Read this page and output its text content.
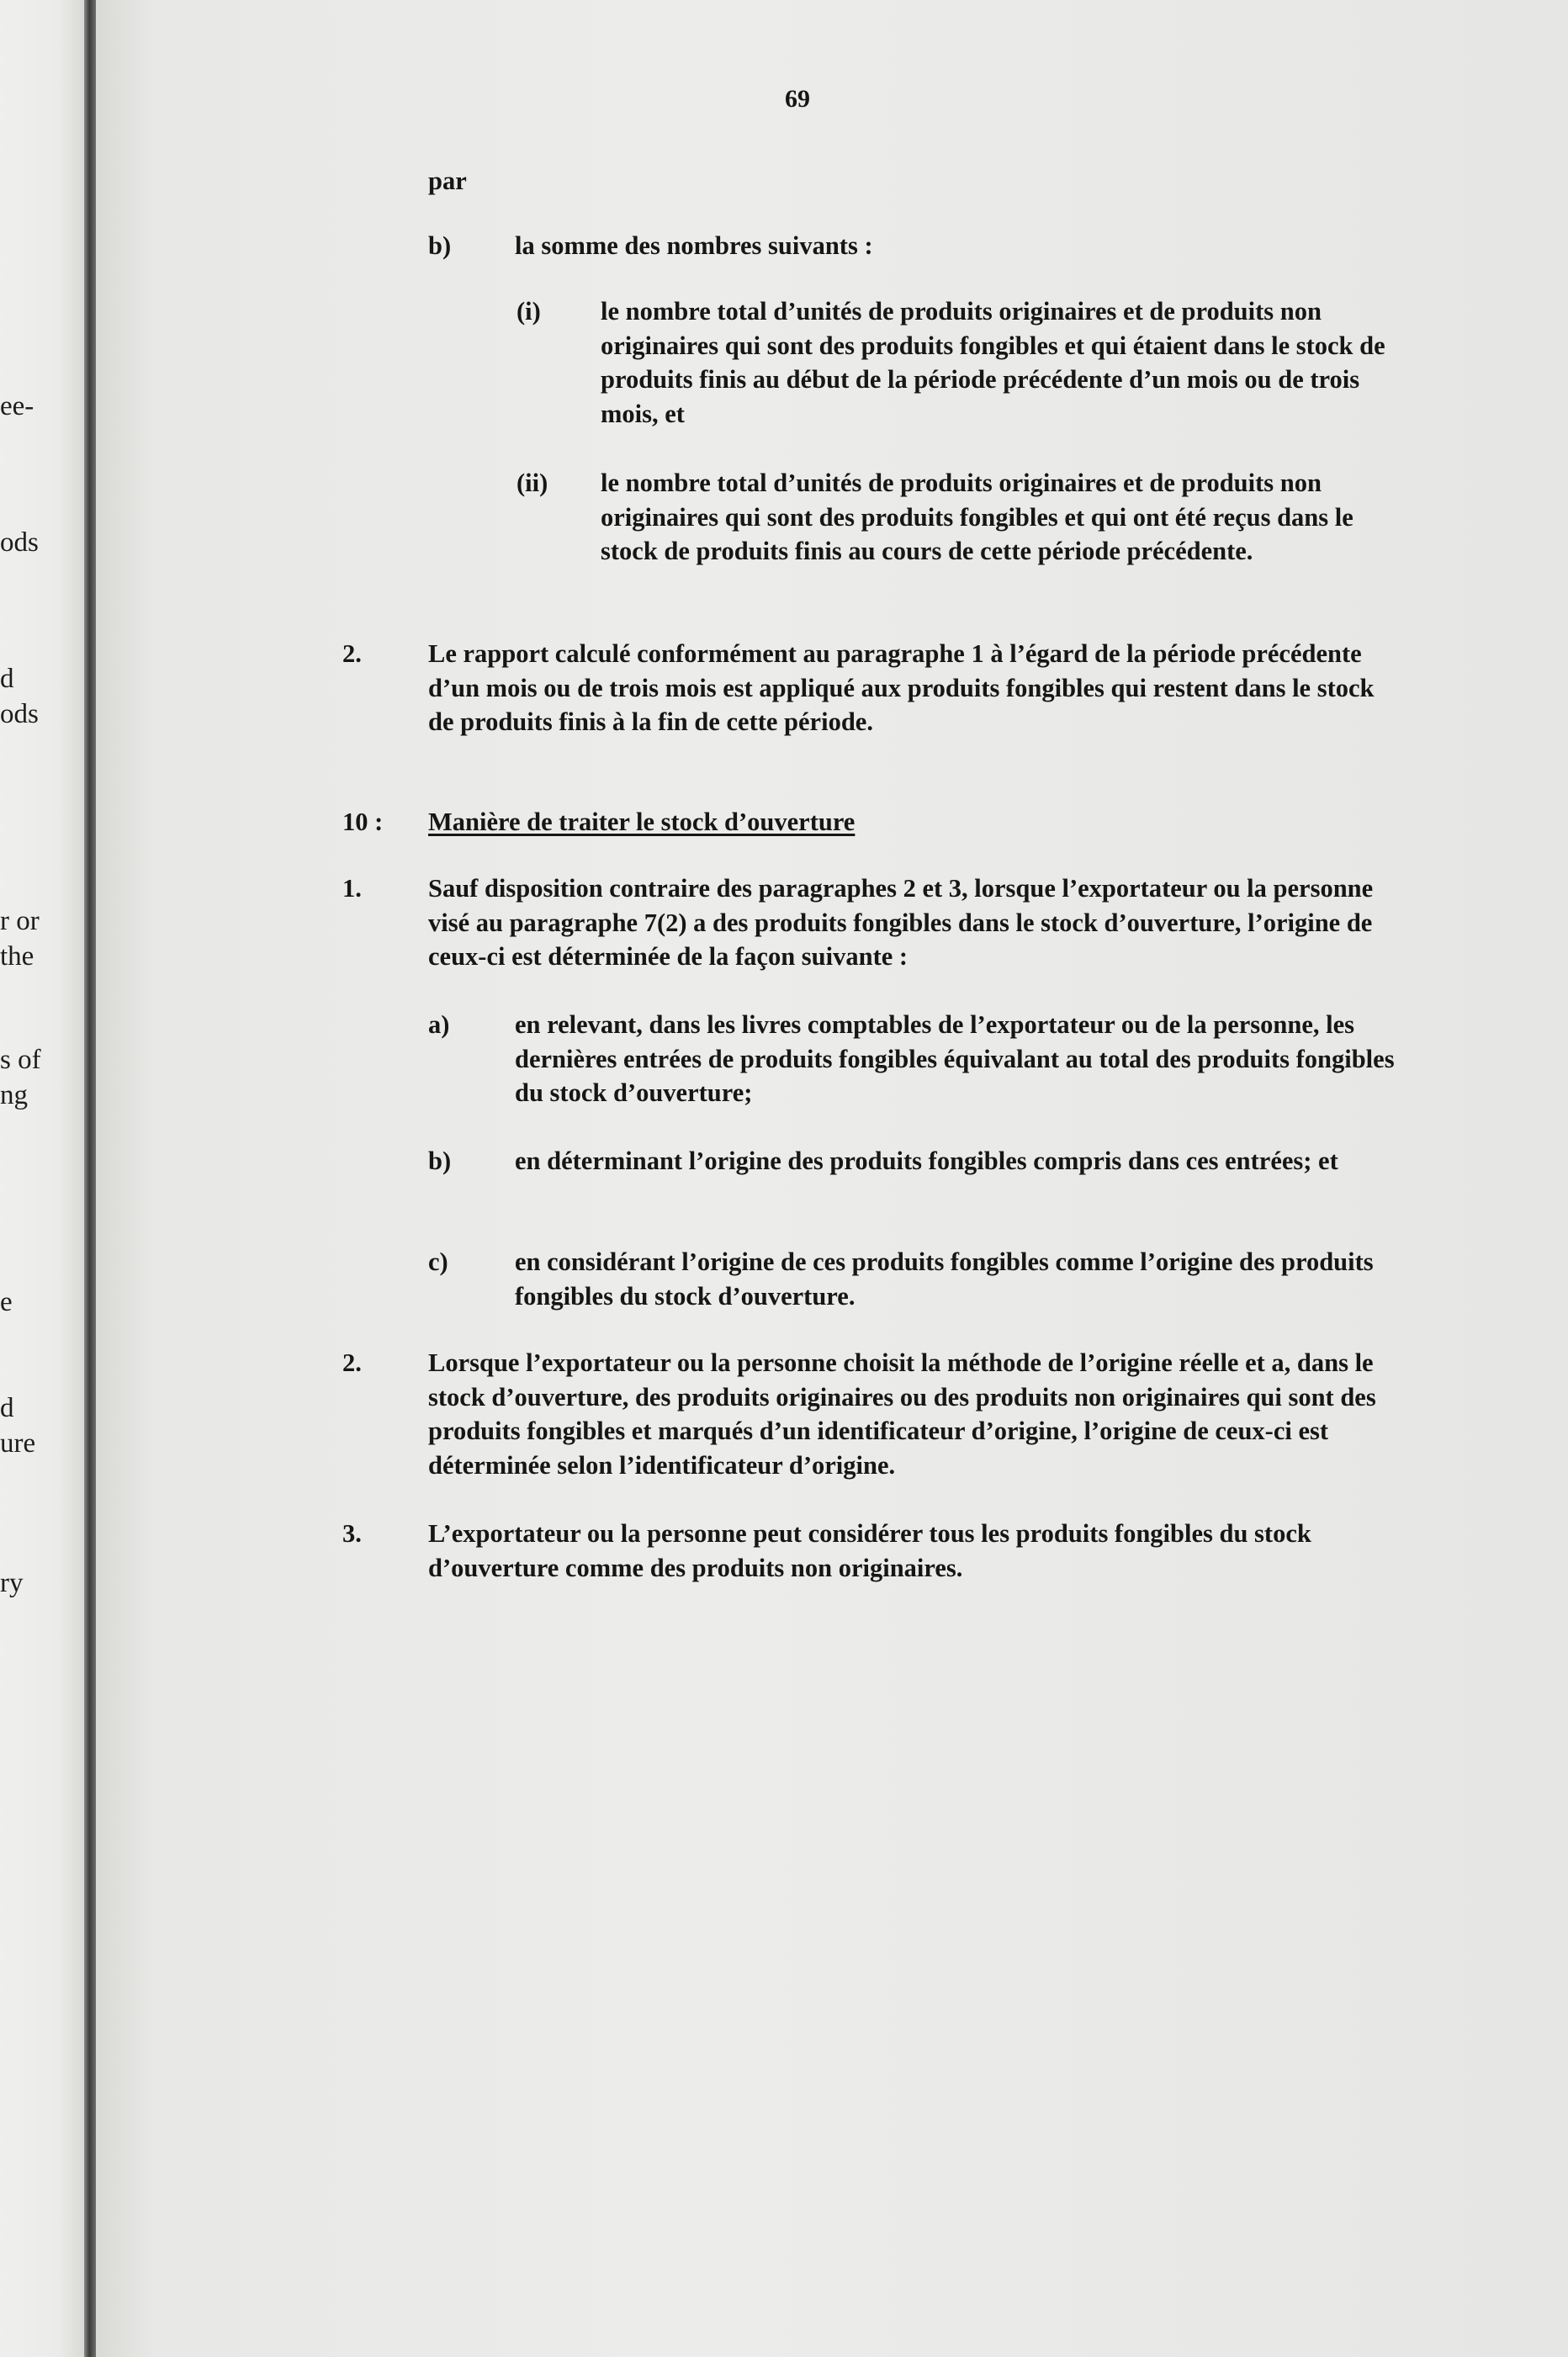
ee-
ods
d
ods
r or
the
s of
ng
e
d
ure
ry
69
par
b) la somme des nombres suivants :
(i) le nombre total d’unités de produits originaires et de produits non originaires qui sont des produits fongibles et qui étaient dans le stock de produits finis au début de la période précédente d’un mois ou de trois mois, et
(ii) le nombre total d’unités de produits originaires et de produits non originaires qui sont des produits fongibles et qui ont été reçus dans le stock de produits finis au cours de cette période précédente.
2.	Le rapport calculé conformément au paragraphe 1 à l’égard de la période précédente d’un mois ou de trois mois est appliqué aux produits fongibles qui restent dans le stock de produits finis à la fin de cette période.
10 : Manière de traiter le stock d’ouverture
1.	Sauf disposition contraire des paragraphes 2 et 3, lorsque l’exportateur ou la personne visé au paragraphe 7(2) a des produits fongibles dans le stock d’ouverture, l’origine de ceux-ci est déterminée de la façon suivante :
a)	en relevant, dans les livres comptables de l’exportateur ou de la personne, les dernières entrées de produits fongibles équivalant au total des produits fongibles du stock d’ouverture;
b) en déterminant l’origine des produits fongibles compris dans ces entrées; et
c)	en considérant l’origine de ces produits fongibles comme l’origine des produits fongibles du stock d’ouverture.
2.	Lorsque l’exportateur ou la personne choisit la méthode de l’origine réelle et a, dans le stock d’ouverture, des produits originaires ou des produits non originaires qui sont des produits fongibles et marqués d’un identificateur d’origine, l’origine de ceux-ci est déterminée selon l’identificateur d’origine.
3.	L’exportateur ou la personne peut considérer tous les produits fongibles du stock d’ouverture comme des produits non originaires.
